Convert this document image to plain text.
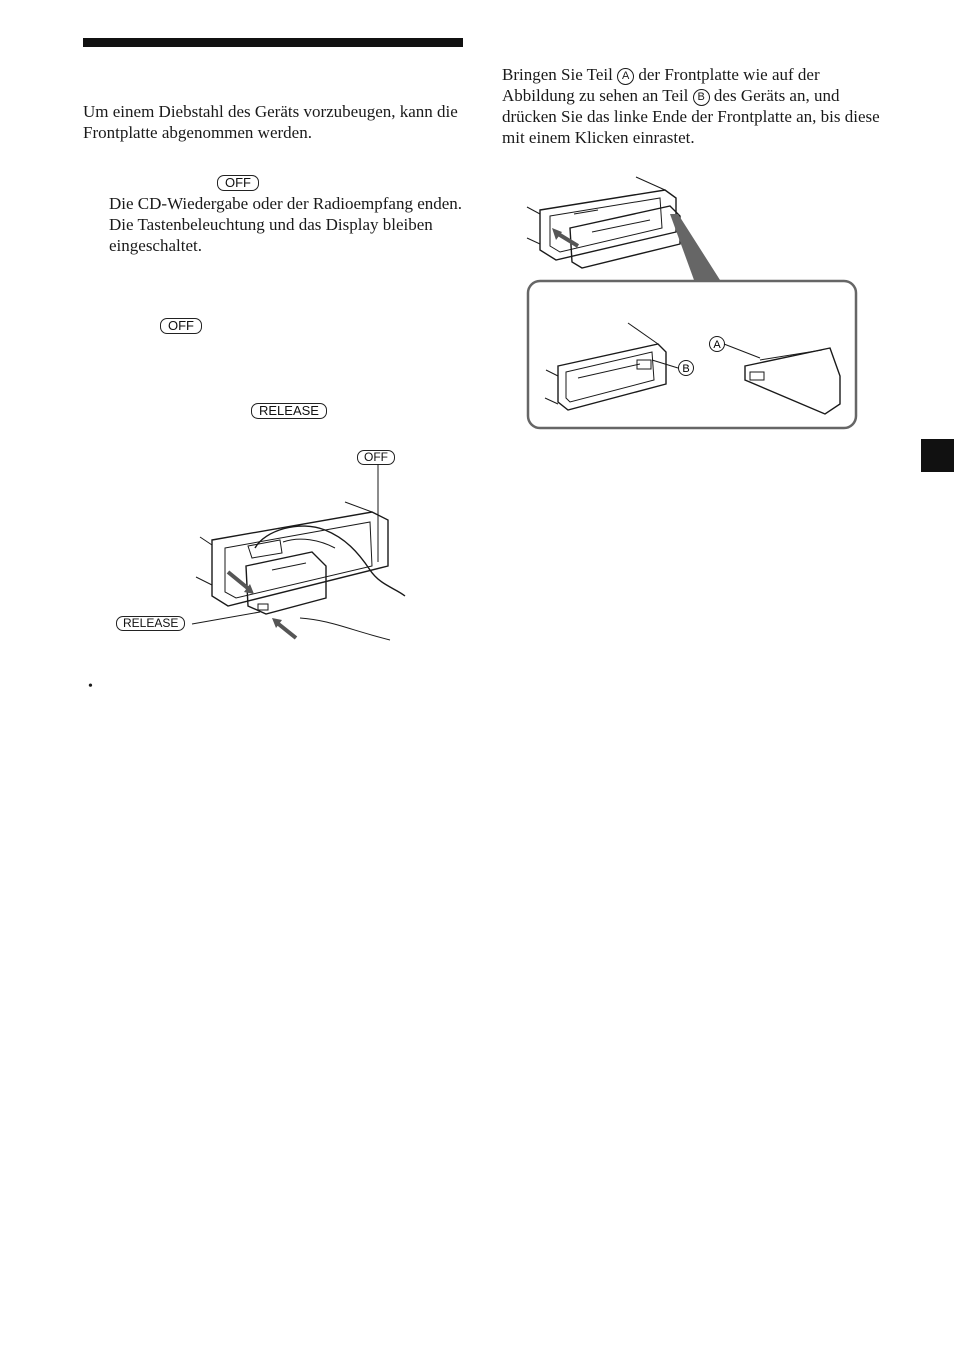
Um einem Diebstahl des Geräts vorzubeugen, kann die Frontplatte abgenommen werden.
OFF
Die CD-Wiedergabe oder der Radioempfang enden. Die Tastenbeleuchtung und das Display bleiben eingeschaltet.
OFF
RELEASE
•
OFF
RELEASE
Bringen Sie Teil A der Frontplatte wie auf der Abbildung zu sehen an Teil B des Geräts an, und drücken Sie das linke Ende der Frontplatte an, bis diese mit einem Klicken einrastet.
B
A
